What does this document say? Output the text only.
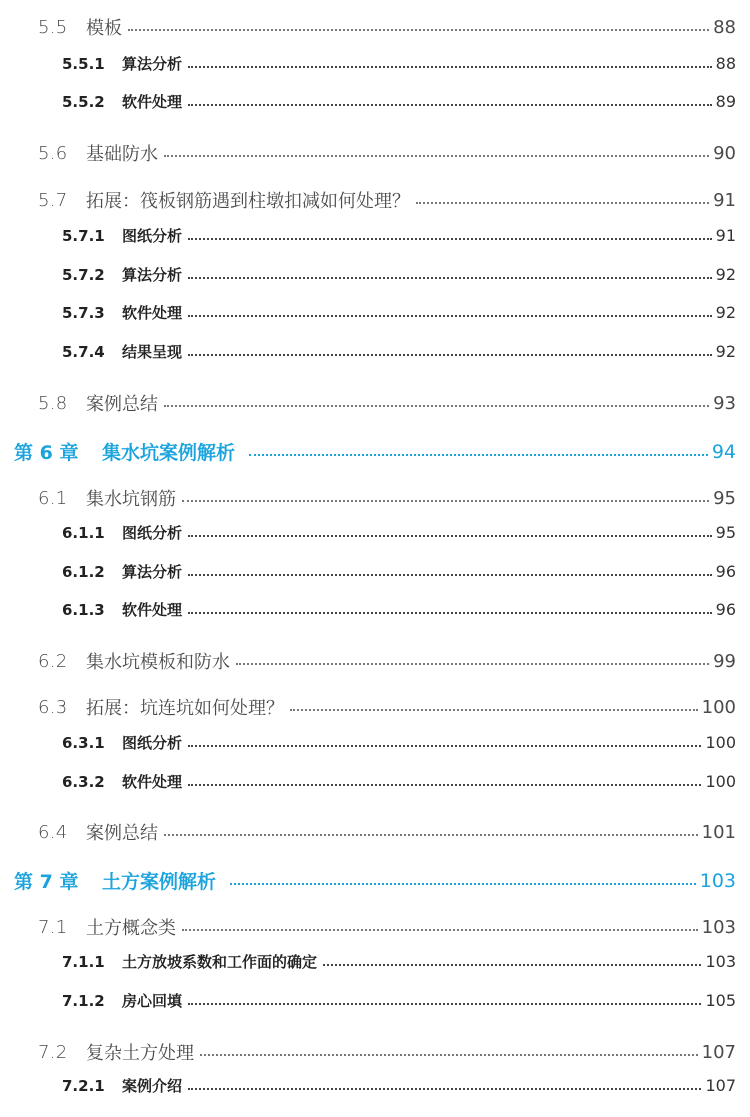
5.5	模板	88
5.5.1	算法分析	88
5.5.2	软件处理	89
5.6	基础防水	90
5.7	拓展：筏板钢筋遇到柱墩扣减如何处理？	91
5.7.1	图纸分析	91
5.7.2	算法分析	92
5.7.3	软件处理	92
5.7.4	结果呈现	92
5.8	案例总结	93
第 6 章	集水坑案例解析	94
6.1	集水坑钢筋	95
6.1.1	图纸分析	95
6.1.2	算法分析	96
6.1.3	软件处理	96
6.2	集水坑模板和防水	99
6.3	拓展：坑连坑如何处理？	100
6.3.1	图纸分析	100
6.3.2	软件处理	100
6.4	案例总结	101
第 7 章	土方案例解析	103
7.1	土方概念类	103
7.1.1	土方放坡系数和工作面的确定	103
7.1.2	房心回填	105
7.2	复杂土方处理	107
7.2.1	案例介绍	107
